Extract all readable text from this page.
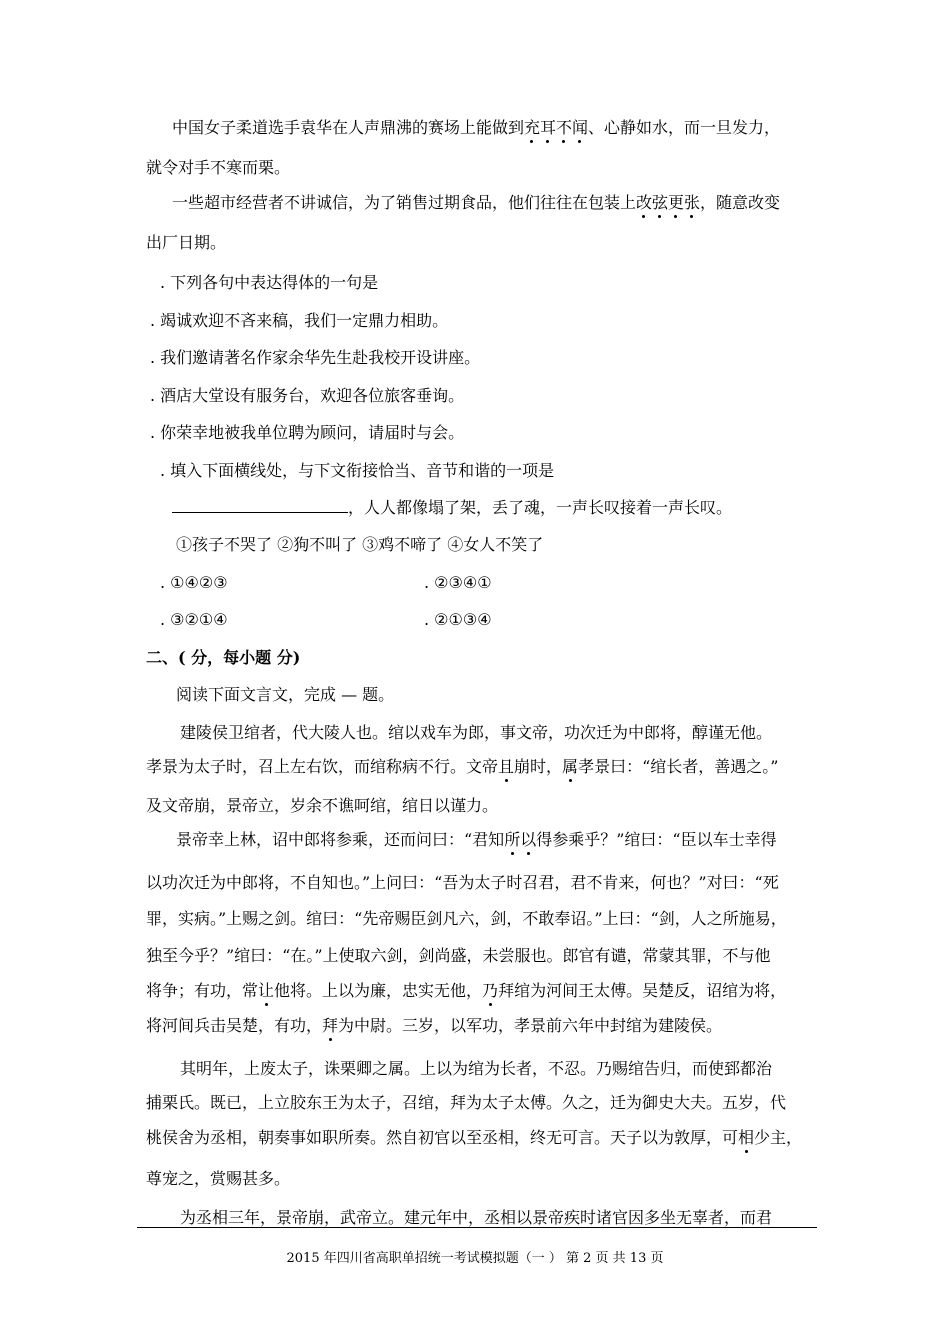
中国女子柔道选手袁华在人声鼎沸的赛场上能做到充耳不闻
、心静如水，而一旦发力，
就令对手不寒而栗。
一些超市经营者不讲诚信，为了销售过期食品，他们往往在包装上改弦更张
，随意改变
出厂日期。
. 下列各句中表达得体的一句是
. 竭诚欢迎不吝来稿，我们一定鼎力相助。
. 我们邀请著名作家余华先生赴我校开设讲座。
. 酒店大堂设有服务台，欢迎各位旅客垂询。
. 你荣幸地被我单位聘为顾问，请届时与会。
. 填入下面横线处，与下文衔接恰当、音节和谐的一项是
，人人都像塌了架，丢了魂，一声长叹接着一声长叹。
①孩子不哭了 ②狗不叫了 ③鸡不啼了 ④女人不笑了
. ①④②③	. ②③④①
. ③②①④	. ②①③④
二、( 分，每小题 分)
阅读下面文言文，完成 — 题。
建陵侯卫绾者，代大陵人也。绾以戏车为郎，事文帝，功次迁为中郎将，醇谨无他。
孝景为太子时，召上左右饮，而绾称病不行。文帝且
崩时，属
孝景曰：“绾长者，善遇之。”
及文帝崩，景帝立，岁余不谯呵绾，绾日以谨力。
景帝幸上林，诏中郎将参乘，还而问曰：“君知所以
得参乘乎？”绾曰：“臣以车士幸得
以功次迁为中郎将，不自知也。”上问曰：“吾为太子时召君，君不肯来，何也？”对曰：“死
罪，实病。”上赐之剑。绾曰：“先帝赐臣剑凡六，剑，不敢奉诏。”上曰：“剑，人之所施易，
独至今乎？”绾曰：“在。”上使取六剑，剑尚盛，未尝服也。郎官有谴，常蒙其罪，不与他
将争；有功，常让
他将。上以为廉，忠实无他，乃
拜绾为河间王太傅。吴楚反，诏绾为将，
将河间兵击吴楚，有功，拜
为中尉。三岁，以军功，孝景前六年中封绾为建陵侯。
其明年，上废太子，诛栗卿之属。上以为绾为长者，不忍。乃赐绾告归，而使郅都治
捕栗氏。既已，上立胶东王为太子，召绾，拜为太子太傅。久之，迁为御史大夫。五岁，代
桃侯舍为丞相，朝奏事如职所奏。然自初官以至丞相，终无可言。天子以为敦厚，可相
少主，
尊宠之，赏赐甚多。
为丞相三年，景帝崩，武帝立。建元年中，丞相以景帝疾时诸官因多坐无辜者，而君
2015 年四川省高职单招统一考试模拟题（一 ） 第 2 页 共 13 页
